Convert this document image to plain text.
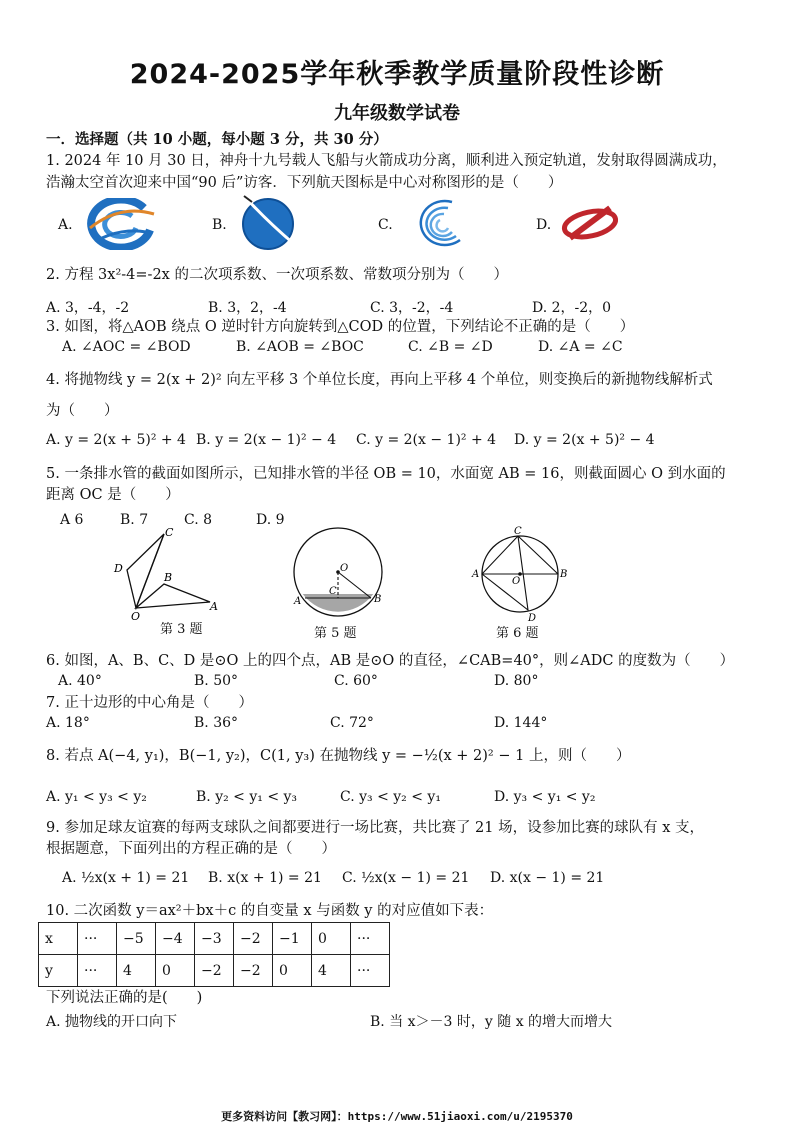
2024-2025学年秋季教学质量阶段性诊断
九年级数学试卷
一．选择题（共 10 小题，每小题 3 分，共 30 分）
1. 2024 年 10 月 30 日，神舟十九号载人飞船与火箭成功分离，顺利进入预定轨道，发射取得圆满成功，
浩瀚太空首次迎来中国“90 后”访客．下列航天图标是中心对称图形的是（　　）
A.	B.	C.	D.
2. 方程 3x²-4=-2x 的二次项系数、一次项系数、常数项分别为（　　）
A. 3，-4，-2	B. 3，2，-4	C. 3，-2，-4	D. 2，-2，0
3. 如图，将△AOB 绕点 O 逆时针方向旋转到△COD 的位置，下列结论不正确的是（　　）
A. ∠AOC = ∠BOD	B. ∠AOB = ∠BOC	C. ∠B = ∠D	D. ∠A = ∠C
4. 将抛物线 y = 2(x + 2)² 向左平移 3 个单位长度，再向上平移 4 个单位，则变换后的新抛物线解析式
为（　　）
A. y = 2(x + 5)² + 4 B. y = 2(x − 1)² − 4 C. y = 2(x − 1)² + 4 D. y = 2(x + 5)² − 4
5. 一条排水管的截面如图所示，已知排水管的半径 OB = 10，水面宽 AB = 16，则截面圆心 O 到水面的
距离 OC 是（　　）
A 6	B. 7	C. 8	D. 9
D
C
B
A
O
第 3 题
O
C
A	B
第 5 题
C
A	B
O
D
第 6 题
6. 如图，A、B、C、D 是⊙O 上的四个点，AB 是⊙O 的直径，∠CAB=40°，则∠ADC 的度数为（　　）
A. 40°	B. 50°	C. 60°	D. 80°
7. 正十边形的中心角是（　　）
A. 18°	B. 36°	C. 72°	D. 144°
8. 若点 A(−4, y₁)，B(−1, y₂)，C(1, y₃) 在抛物线 y = −½(x + 2)² − 1 上，则（　　）
A. y₁ < y₃ < y₂	B. y₂ < y₁ < y₃	C. y₃ < y₂ < y₁	D. y₃ < y₁ < y₂
9. 参加足球友谊赛的每两支球队之间都要进行一场比赛，共比赛了 21 场，设参加比赛的球队有 x 支，
根据题意，下面列出的方程正确的是（　　）
A. ½x(x + 1) = 21 B. x(x + 1) = 21 C. ½x(x − 1) = 21 D. x(x − 1) = 21
10. 二次函数 y＝ax²＋bx＋c 的自变量 x 与函数 y 的对应值如下表：
x	···	−5	−4	−3	−2	−1	0	···
y	···	4	0	−2	−2	0	4	···
下列说法正确的是(　　)
A. 抛物线的开口向下	B. 当 x＞－3 时，y 随 x 的增大而增大
更多资料访问【教习网】：https://www.51jiaoxi.com/u/2195370
